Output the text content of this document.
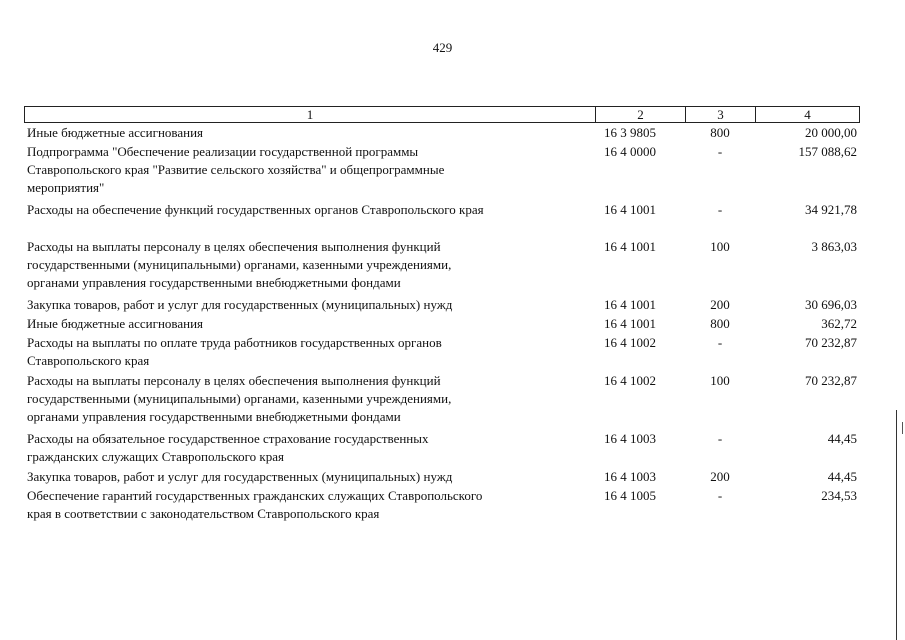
429
1	2	3	4
Иные бюджетные ассигнования	16 3 9805	800	20 000,00
Подпрограмма "Обеспечение реализации государственной программы
Ставропольского края "Развитие сельского хозяйства" и общепрограммные
мероприятия"
16 4 0000	-	157 088,62
Расходы на обеспечение функций государственных органов Ставропольского края	16 4 1001	-	34 921,78
Расходы на выплаты персоналу в целях обеспечения выполнения функций
государственными (муниципальными) органами, казенными учреждениями,
органами управления государственными внебюджетными фондами
16 4 1001	100	3 863,03
Закупка товаров, работ и услуг для государственных (муниципальных) нужд	16 4 1001	200	30 696,03
Иные бюджетные ассигнования	16 4 1001	800	362,72
Расходы на выплаты по оплате труда работников государственных органов
Ставропольского края
16 4 1002	-	70 232,87
Расходы на выплаты персоналу в целях обеспечения выполнения функций
государственными (муниципальными) органами, казенными учреждениями,
органами управления государственными внебюджетными фондами
16 4 1002	100	70 232,87
Расходы на обязательное государственное страхование государственных
гражданских служащих Ставропольского края
16 4 1003	-	44,45
Закупка товаров, работ и услуг для государственных (муниципальных) нужд	16 4 1003	200	44,45
Обеспечение гарантий государственных гражданских служащих Ставропольского
края в соответствии с законодательством Ставропольского края
16 4 1005	-	234,53
